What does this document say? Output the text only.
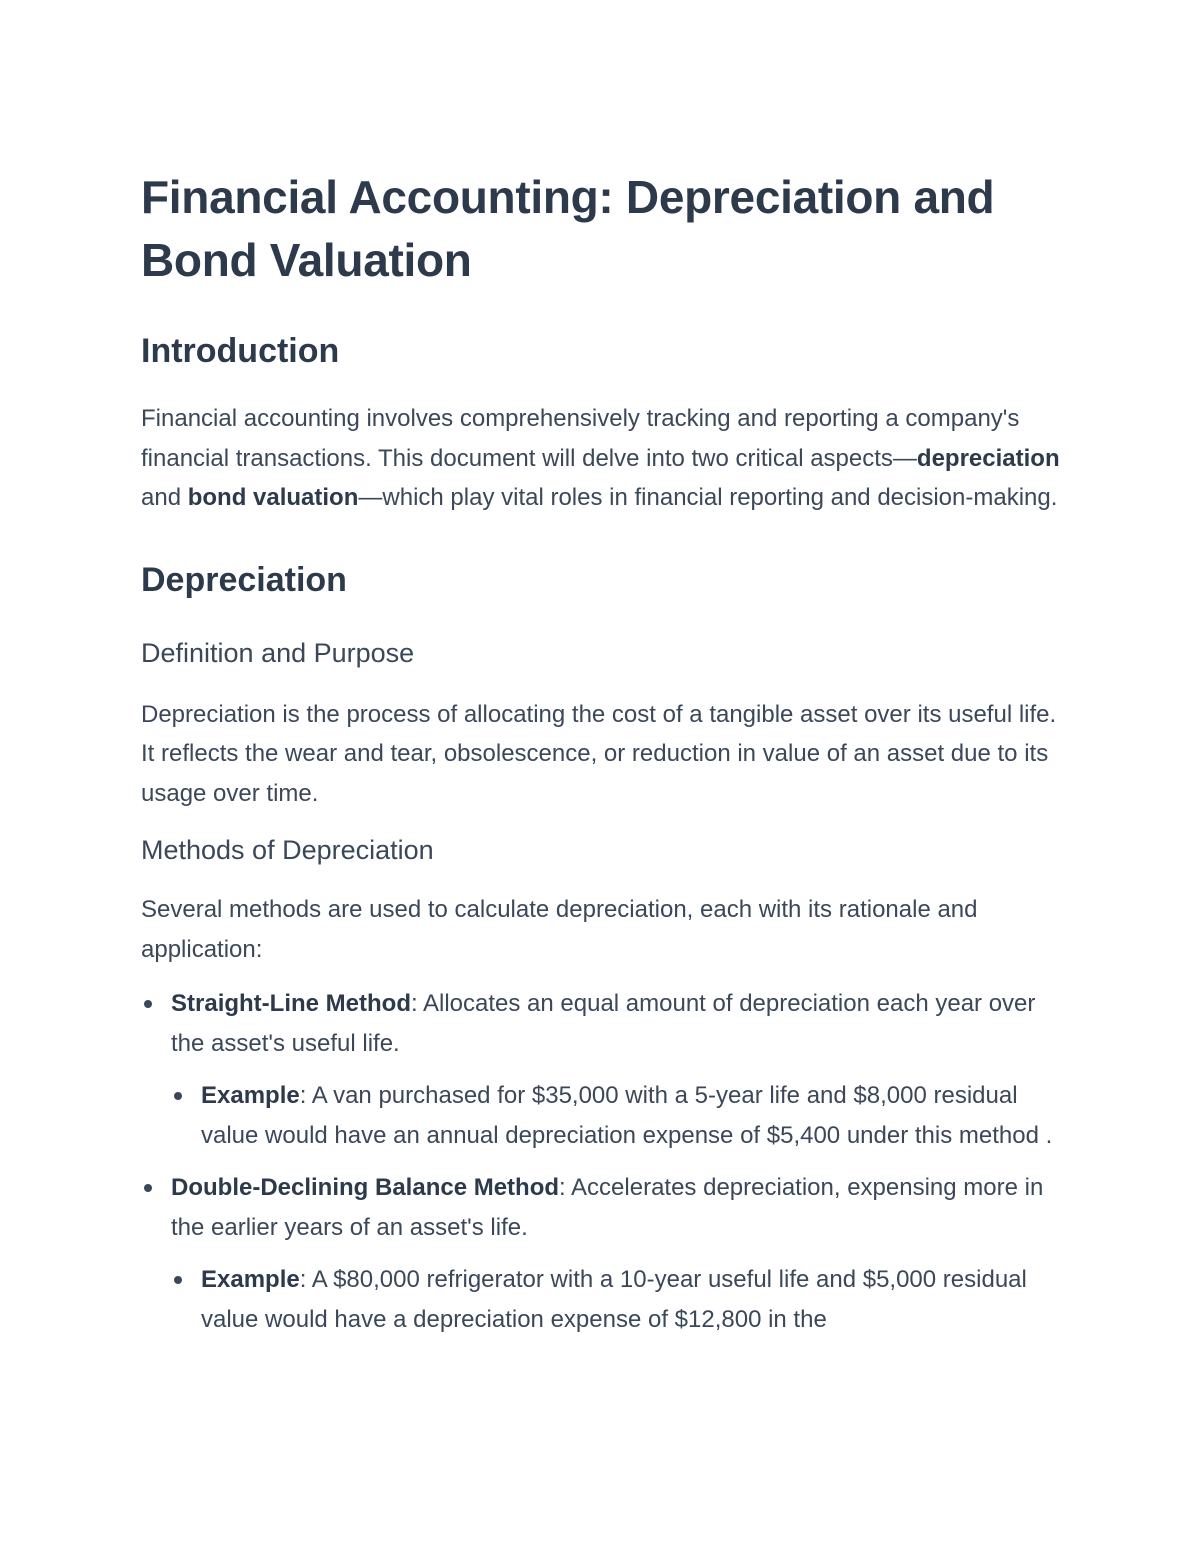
Financial Accounting: Depreciation and Bond Valuation
Introduction

Financial accounting involves comprehensively tracking and reporting a company's financial transactions. This document will delve into two critical aspects—depreciation and bond valuation—which play vital roles in financial reporting and decision-making.

Depreciation
Definition and Purpose

Depreciation is the process of allocating the cost of a tangible asset over its useful life. It reflects the wear and tear, obsolescence, or reduction in value of an asset due to its usage over time.

Methods of Depreciation

Several methods are used to calculate depreciation, each with its rationale and application:

Straight-Line Method: Allocates an equal amount of depreciation each year over the asset's useful life.
Example: A van purchased for $35,000 with a 5-year life and $8,000 residual value would have an annual depreciation expense of $5,400 under this method .
Double-Declining Balance Method: Accelerates depreciation, expensing more in the earlier years of an asset's life.
Example: A $80,000 refrigerator with a 10-year useful life and $5,000 residual value would have a depreciation expense of $12,800 in the
